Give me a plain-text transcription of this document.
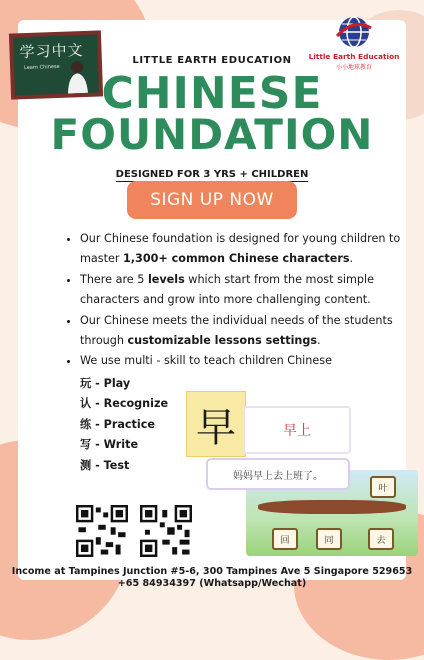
学习中文
Learn Chinese
Little Earth Education
小小地球教育
LITTLE EARTH EDUCATION
CHINESE
FOUNDATION
DESIGNED FOR 3 YRS + CHILDREN
SIGN UP NOW
• Our Chinese foundation is designed for young children to master 1,300+ common Chinese characters.
• There are 5 levels which start from the most simple characters and grow into more challenging content.
• Our Chinese meets the individual needs of the students through customizable lessons settings.
• We use multi - skill to teach children Chinese
玩 - Play
认 - Recognize
练 - Practice
写 - Write
测 - Test
早	早上
叶
回	同	去
妈妈早上去上班了。
Income at Tampines Junction #5-6, 300 Tampines Ave 5 Singapore 529653
+65 84934397 (Whatsapp/Wechat)
